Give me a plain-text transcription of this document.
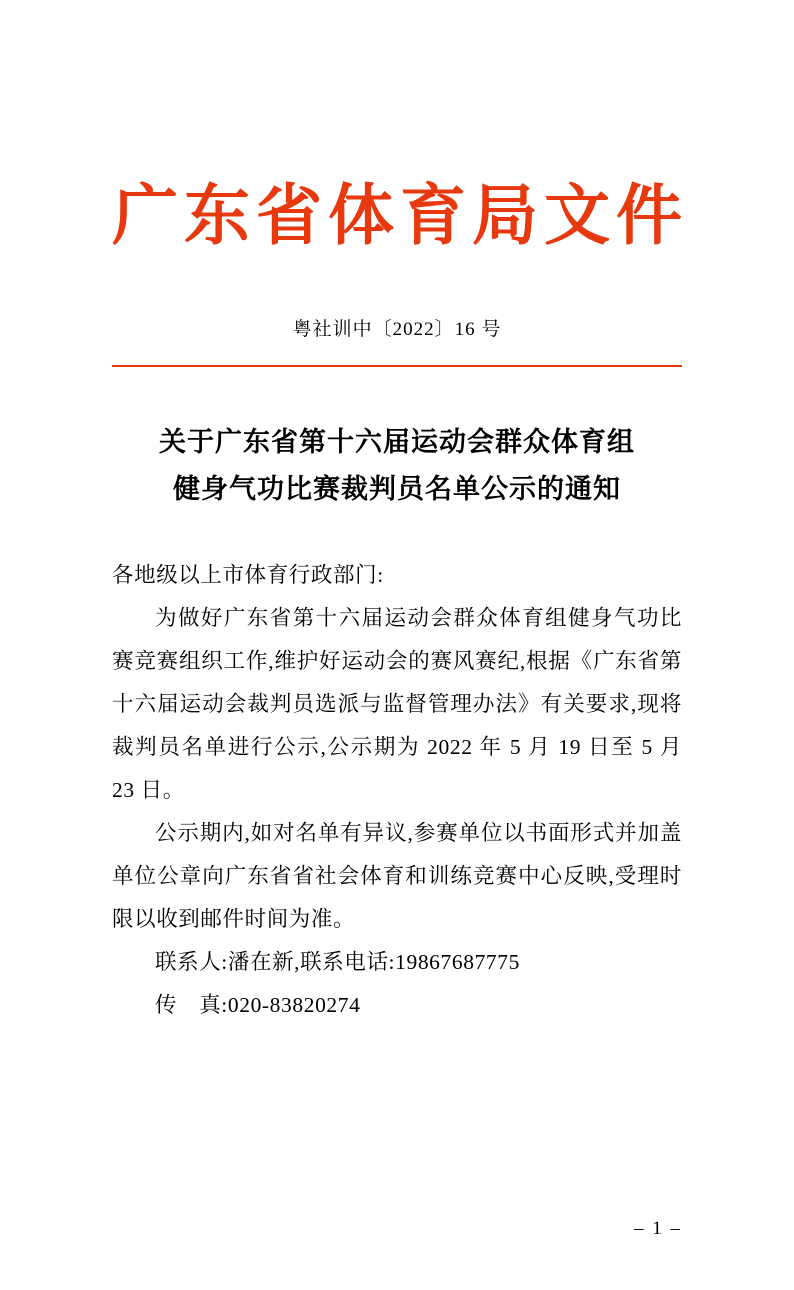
广东省体育局文件
粤社训中〔2022〕16 号
关于广东省第十六届运动会群众体育组
健身气功比赛裁判员名单公示的通知

各地级以上市体育行政部门:

为做好广东省第十六届运动会群众体育组健身气功比赛竞赛组织工作,维护好运动会的赛风赛纪,根据《广东省第十六届运动会裁判员选派与监督管理办法》有关要求,现将裁判员名单进行公示,公示期为 2022 年 5 月 19 日至 5 月 23 日。

公示期内,如对名单有异议,参赛单位以书面形式并加盖单位公章向广东省省社会体育和训练竞赛中心反映,受理时限以收到邮件时间为准。

联系人:潘在新,联系电话:19867687775

传　真:020-83820274

– 1 –
